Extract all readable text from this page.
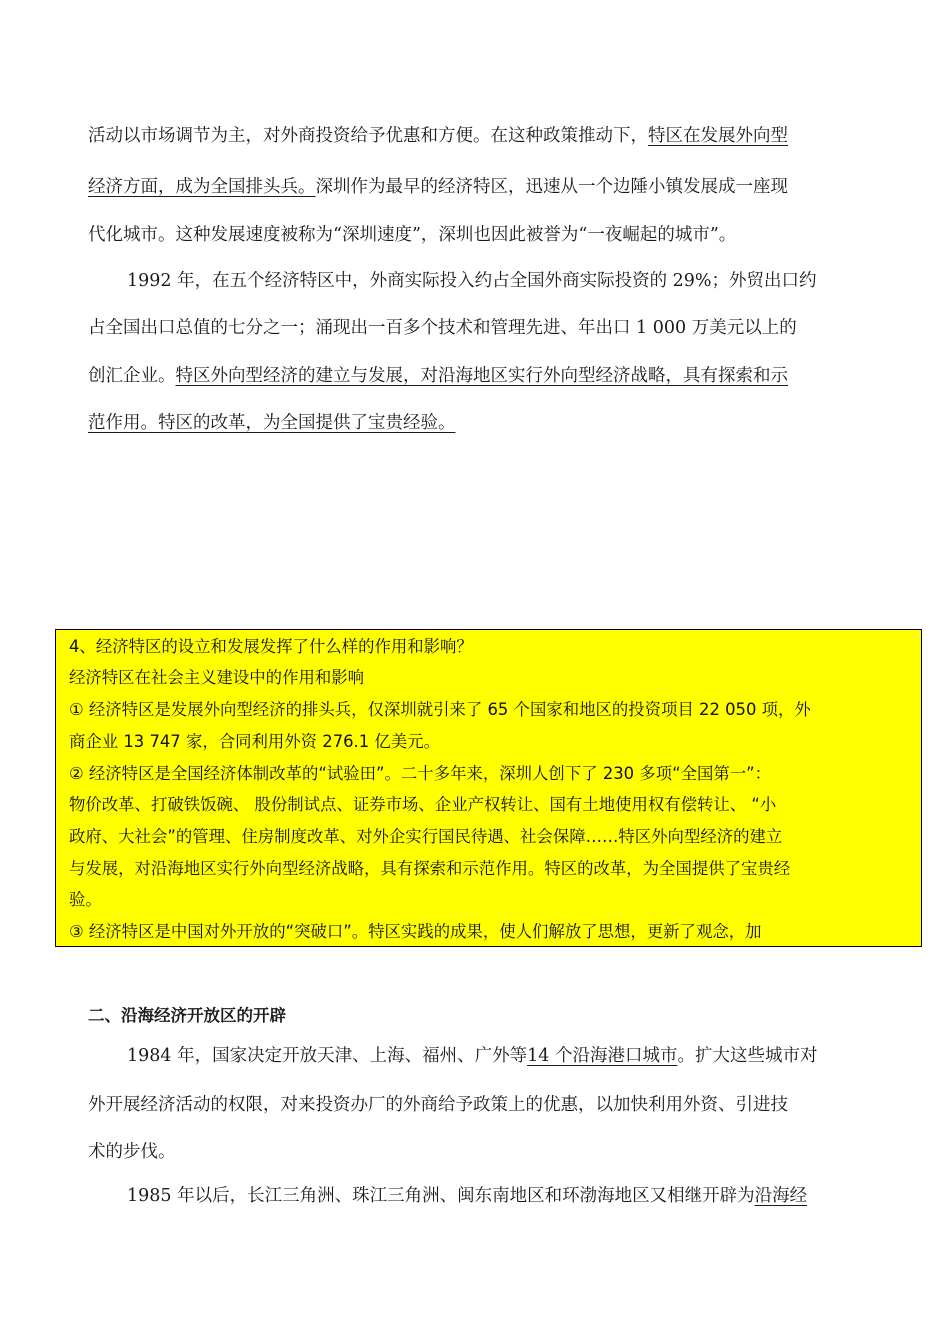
活动以市场调节为主，对外商投资给予优惠和方便。在这种政策推动下，特区在发展外向型
经济方面，成为全国排头兵。深圳作为最早的经济特区，迅速从一个边陲小镇发展成一座现
代化城市。这种发展速度被称为“深圳速度”，深圳也因此被誉为“一夜崛起的城市”。
1992 年，在五个经济特区中，外商实际投入约占全国外商实际投资的 29%；外贸出口约
占全国出口总值的七分之一；涌现出一百多个技术和管理先进、年出口 1 000 万美元以上的
创汇企业。特区外向型经济的建立与发展，对沿海地区实行外向型经济战略，具有探索和示
范作用。特区的改革，为全国提供了宝贵经验。
4、经济特区的设立和发展发挥了什么样的作用和影响？
经济特区在社会主义建设中的作用和影响
① 经济特区是发展外向型经济的排头兵，仅深圳就引来了 65 个国家和地区的投资项目 22 050 项，外
商企业 13 747 家，合同利用外资 276.1 亿美元。
② 经济特区是全国经济体制改革的“试验田”。二十多年来，深圳人创下了 230 多项“全国第一”：
物价改革、打破铁饭碗、 股份制试点、证券市场、企业产权转让、国有土地使用权有偿转让、 “小
政府、大社会”的管理、住房制度改革、对外企实行国民待遇、社会保障……特区外向型经济的建立
与发展，对沿海地区实行外向型经济战略，具有探索和示范作用。特区的改革，为全国提供了宝贵经
验。
③ 经济特区是中国对外开放的“突破口”。特区实践的成果，使人们解放了思想，更新了观念，加
二、沿海经济开放区的开辟
1984 年，国家决定开放天津、上海、福州、广外等14 个沿海港口城市。扩大这些城市对
外开展经济活动的权限，对来投资办厂的外商给予政策上的优惠，以加快利用外资、引进技
术的步伐。
1985 年以后，长江三角洲、珠江三角洲、闽东南地区和环渤海地区又相继开辟为沿海经
